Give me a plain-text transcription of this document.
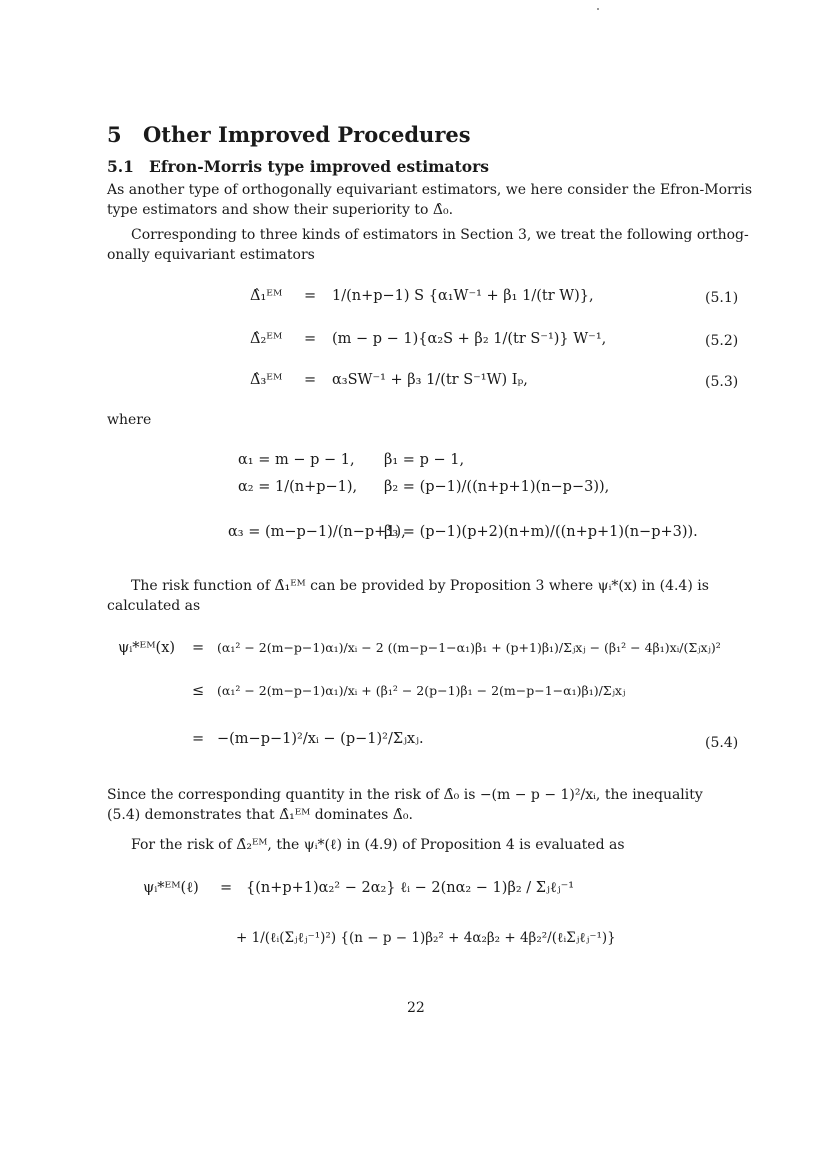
5 Other Improved Procedures
5.1 Efron-Morris type improved estimators
As another type of orthogonally equivariant estimators, we here consider the Efron-Morris
type estimators and show their superiority to Δ̂₀.
Corresponding to three kinds of estimators in Section 3, we treat the following orthog-
onally equivariant estimators
Δ̂₁ᴱᴹ = 1/(n+p−1) S {α₁W⁻¹ + β₁ 1/(tr W)},	(5.1)
Δ̂₂ᴱᴹ = (m − p − 1){α₂S + β₂ 1/(tr S⁻¹)} W⁻¹,	(5.2)
Δ̂₃ᴱᴹ = α₃SW⁻¹ + β₃ 1/(tr S⁻¹W) Iₚ,	(5.3)
where
α₁ = m − p − 1, β₁ = p − 1,
α₂ = 1/(n+p−1), β₂ = (p−1)/((n+p+1)(n−p−3)),
α₃ = (m−p−1)/(n−p+1),
β₃ = (p−1)(p+2)(n+m)/((n+p+1)(n−p+3)).
The risk function of Δ̂₁ᴱᴹ can be provided by Proposition 3 where ψᵢ*(x) in (4.4) is
calculated as
ψᵢ*ᴱᴹ(x) = (α₁² − 2(m−p−1)α₁)/xᵢ − 2 ((m−p−1−α₁)β₁ + (p+1)β₁)/Σⱼxⱼ − (β₁² − 4β₁)xᵢ/(Σⱼxⱼ)²
≤ (α₁² − 2(m−p−1)α₁)/xᵢ + (β₁² − 2(p−1)β₁ − 2(m−p−1−α₁)β₁)/Σⱼxⱼ
= −(m−p−1)²/xᵢ − (p−1)²/Σⱼxⱼ.	(5.4)
Since the corresponding quantity in the risk of Δ̂₀ is −(m − p − 1)²/xᵢ, the inequality
(5.4) demonstrates that Δ̂₁ᴱᴹ dominates Δ̂₀.
For the risk of Δ̂₂ᴱᴹ, the ψᵢ*(ℓ) in (4.9) of Proposition 4 is evaluated as
ψᵢ*ᴱᴹ(ℓ) = {(n+p+1)α₂² − 2α₂} ℓᵢ − 2(nα₂ − 1)β₂ / Σⱼℓⱼ⁻¹
+ 1/(ℓᵢ(Σⱼℓⱼ⁻¹)²) {(n − p − 1)β₂² + 4α₂β₂ + 4β₂²/(ℓᵢΣⱼℓⱼ⁻¹)}
22
